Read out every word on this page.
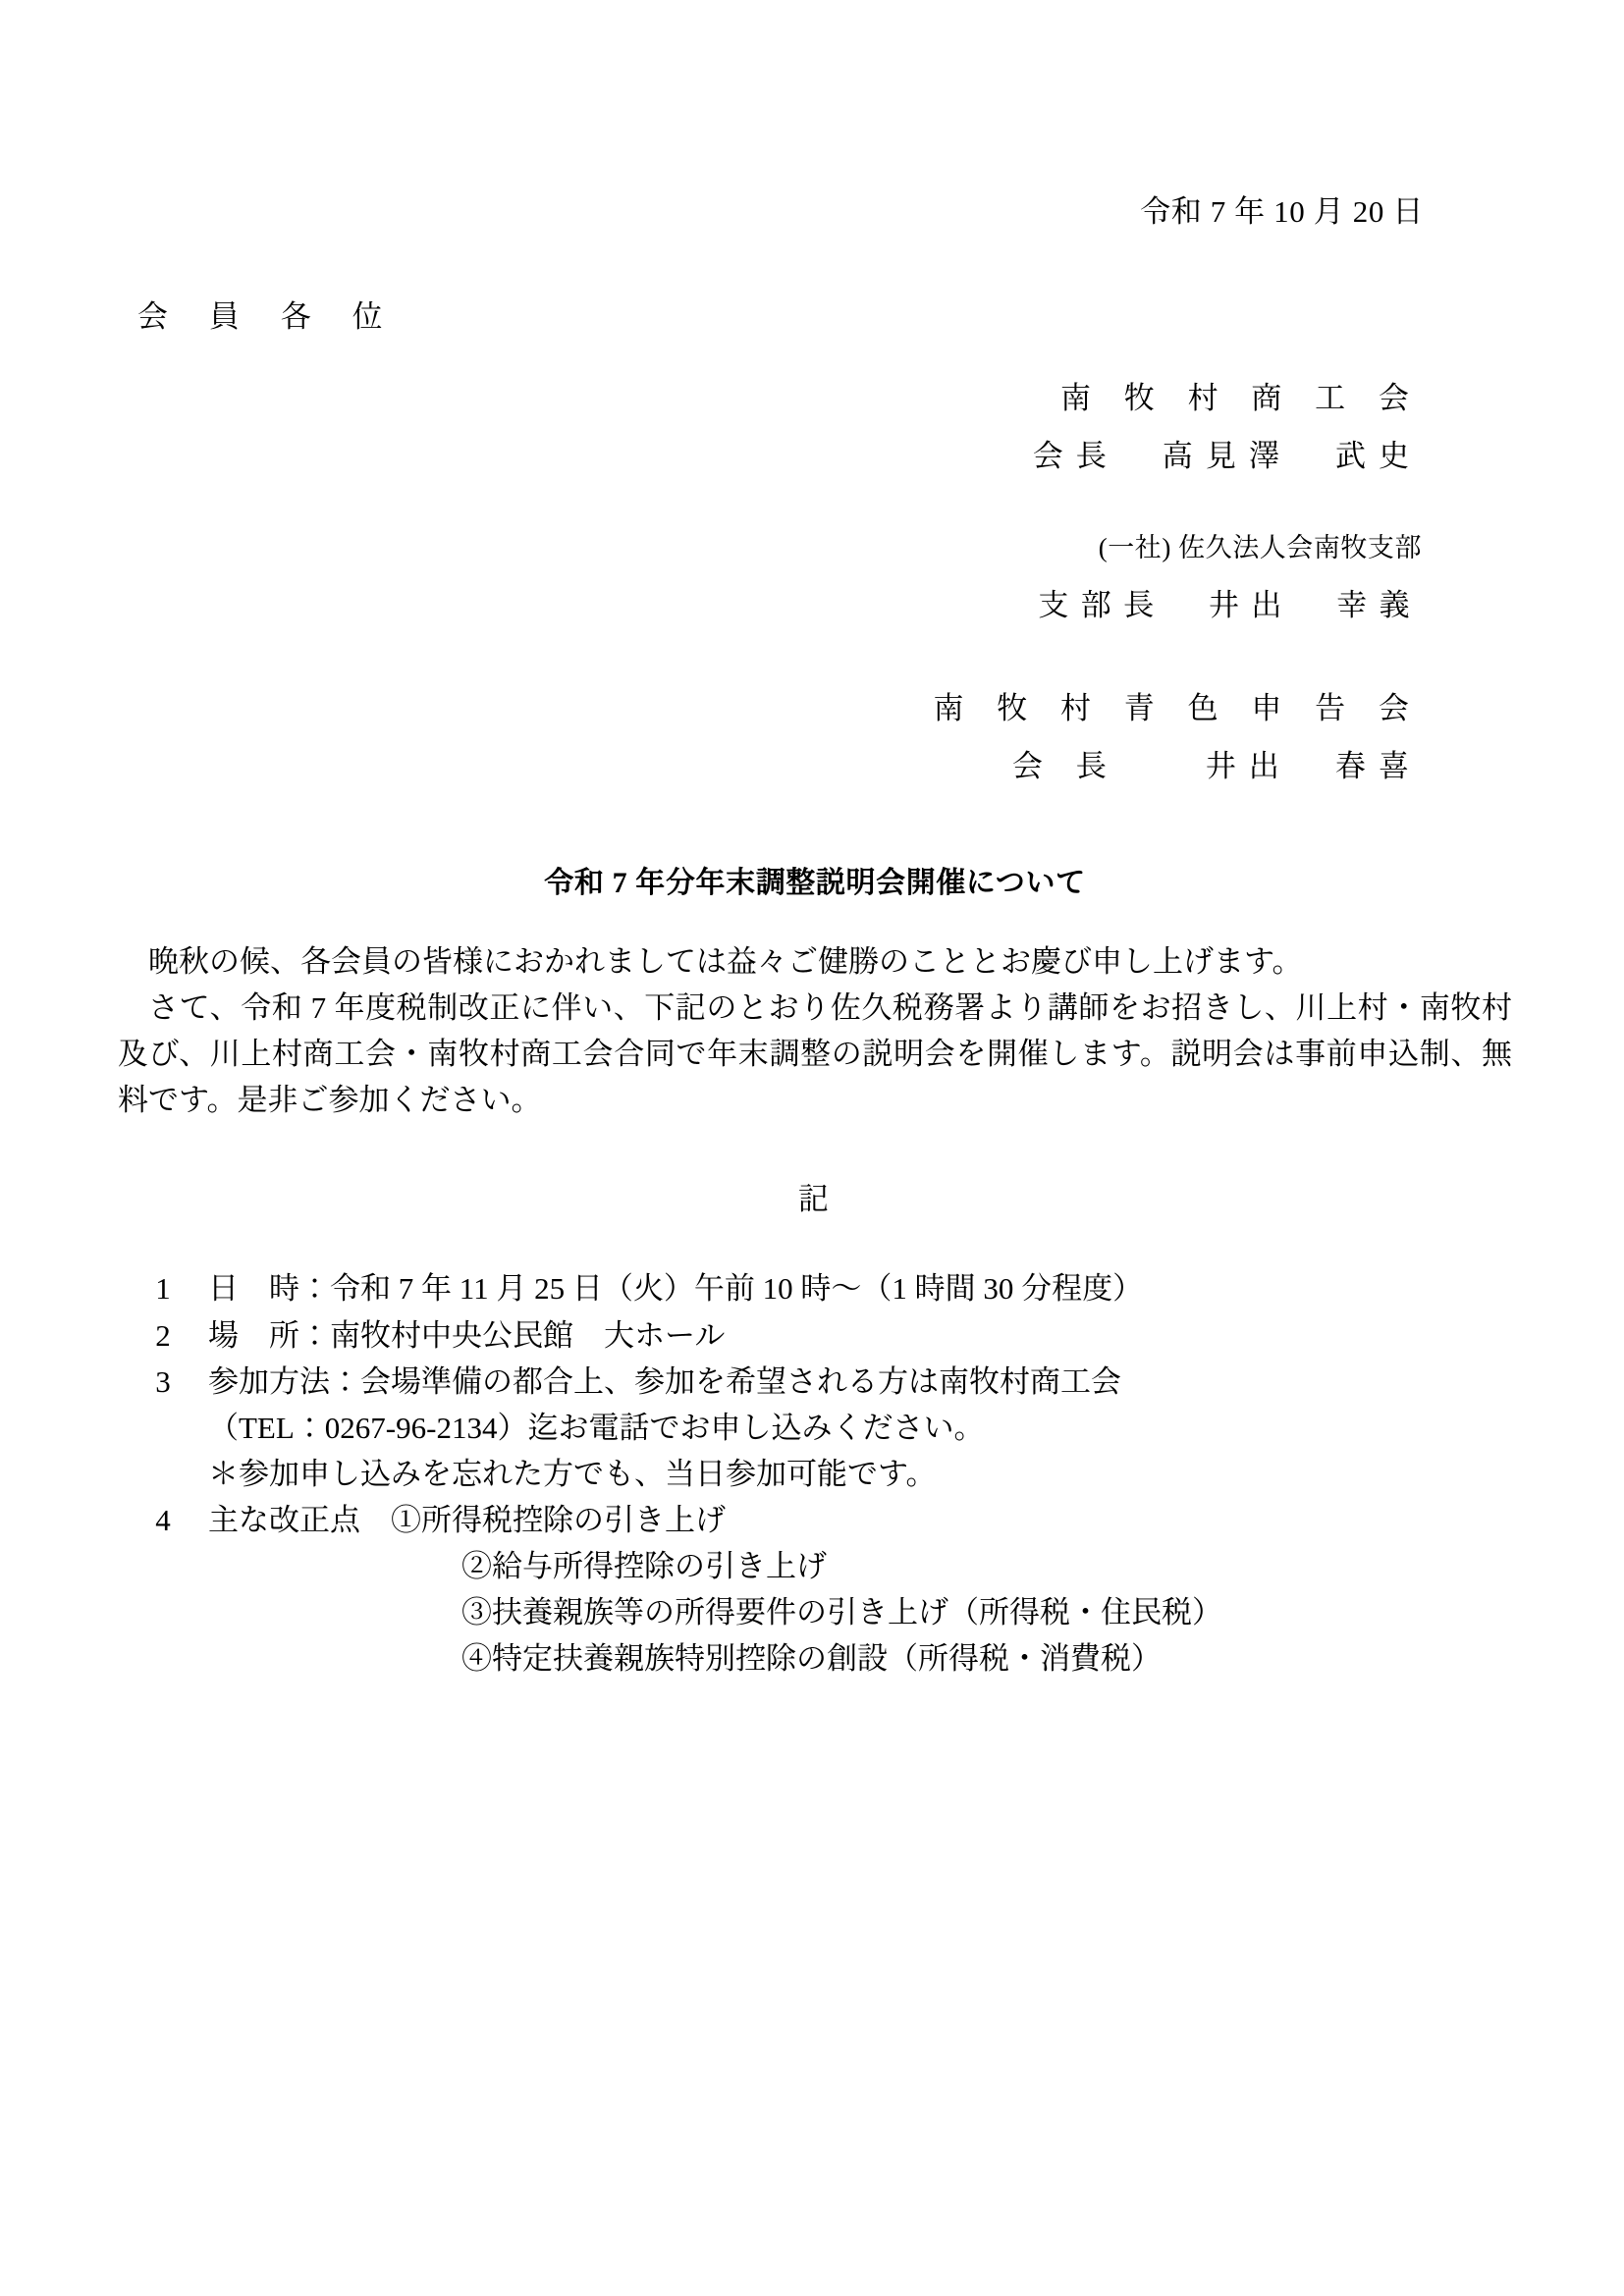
令和 7 年 10 月 20 日
会 員 各 位
南 牧 村 商 工 会
会長　高見澤　武史
(一社) 佐久法人会南牧支部
支部長　井出　幸義
南 牧 村 青 色 申 告 会
会 長　　井出　春喜
令和 7 年分年末調整説明会開催について

晩秋の候、各会員の皆様におかれましては益々ご健勝のこととお慶び申し上げます。

さて、令和 7 年度税制改正に伴い、下記のとおり佐久税務署より講師をお招きし、川上村・南牧村及び、川上村商工会・南牧村商工会合同で年末調整の説明会を開催します。説明会は事前申込制、無料です。是非ご参加ください。

記
1	日　時： 令和 7 年 11 月 25 日（火）午前 10 時～（1 時間 30 分程度）
2	場　所： 南牧村中央公民館　大ホール
3	参加方法： 会場準備の都合上、参加を希望される方は南牧村商工会
（TEL：0267-96-2134）迄お電話でお申し込みください。
＊参加申し込みを忘れた方でも、当日参加可能です。
4	主な改正点　 ①所得税控除の引き上げ
②給与所得控除の引き上げ
③扶養親族等の所得要件の引き上げ（所得税・住民税）
④特定扶養親族特別控除の創設（所得税・消費税）
